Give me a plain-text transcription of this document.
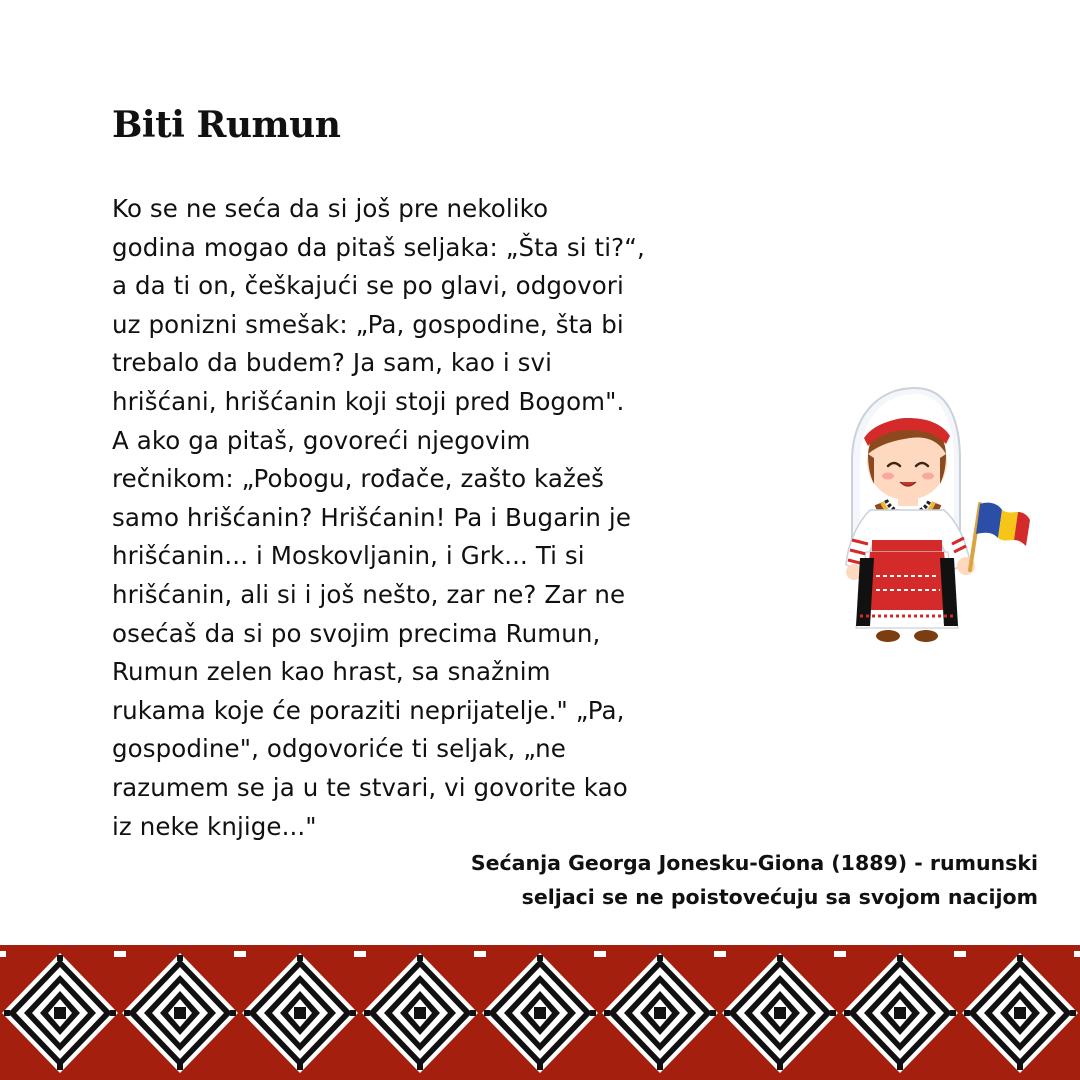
Biti Rumun

Ko se ne seća da si još pre nekoliko
godina mogao da pitaš seljaka: „Šta si ti?“,
a da ti on, češkajući se po glavi, odgovori
uz ponizni smešak: „Pa, gospodine, šta bi
trebalo da budem? Ja sam, kao i svi
hrišćani, hrišćanin koji stoji pred Bogom".
A ako ga pitaš, govoreći njegovim
rečnikom: „Pobogu, rođače, zašto kažeš
samo hrišćanin? Hrišćanin! Pa i Bugarin je
hrišćanin... i Moskovljanin, i Grk... Ti si
hrišćanin, ali si i još nešto, zar ne? Zar ne
osećaš da si po svojim precima Rumun,
Rumun zelen kao hrast, sa snažnim
rukama koje će poraziti neprijatelje." „Pa,
gospodine", odgovoriće ti seljak, „ne
razumem se ja u te stvari, vi govorite kao
iz neke knjige..."

Sećanja Georga Jonesku-Giona (1889) - rumunski
seljaci se ne poistovećuju sa svojom nacijom
